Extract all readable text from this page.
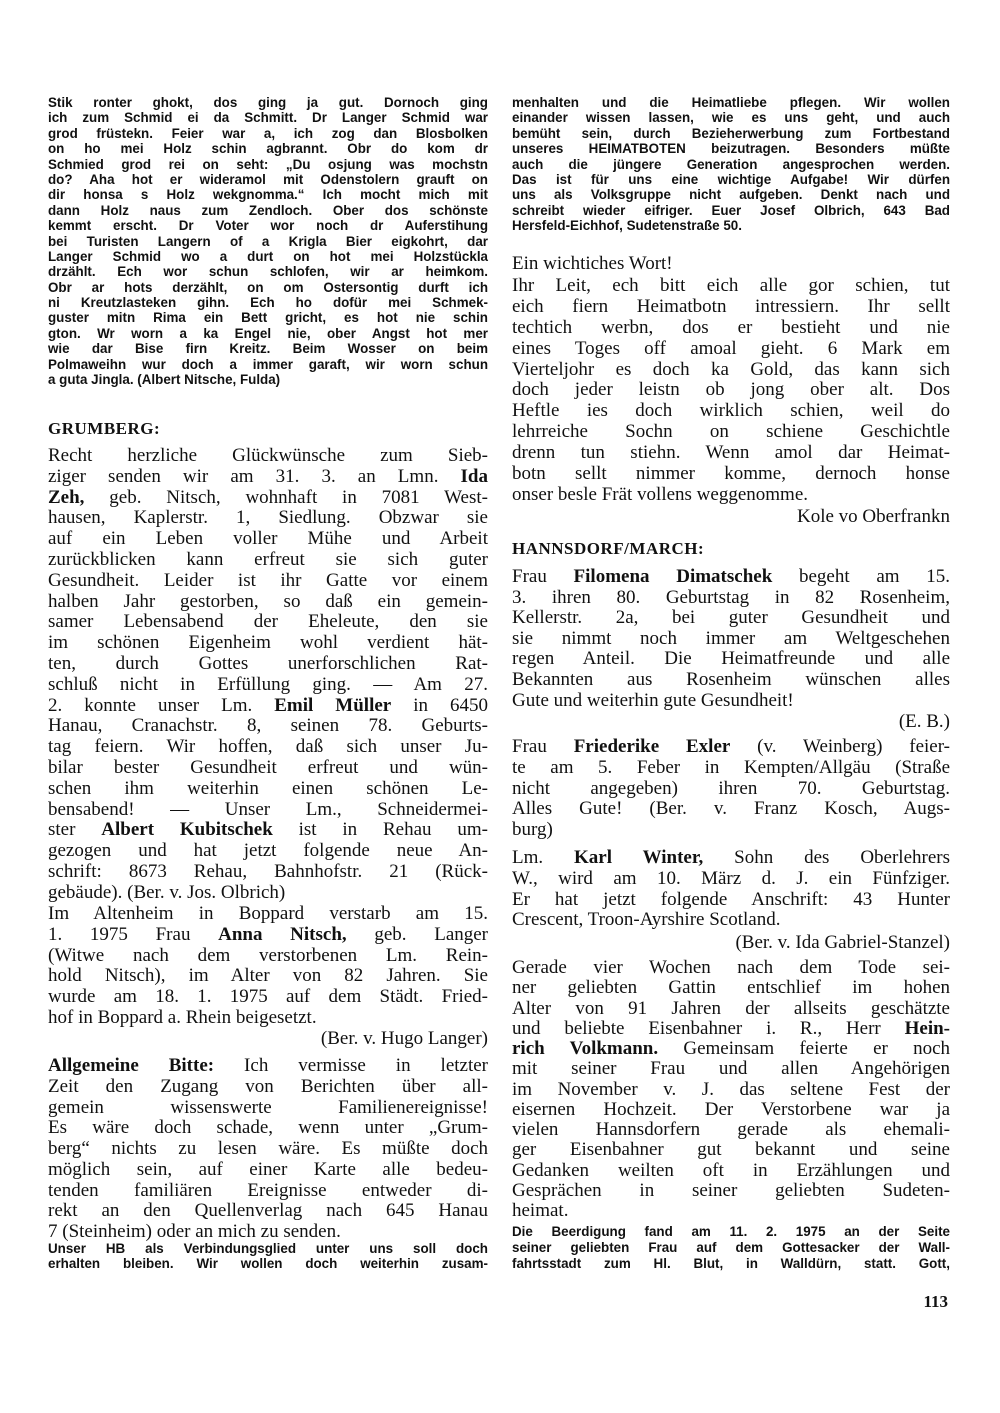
Stik ronter ghokt, dos ging ja gut. Dornoch ging
ich zum Schmid ei da Schmitt. Dr Langer Schmid war
grod früstekn. Feier war a, ich zog dan Blosbolken
on ho mei Holz schin agbrannt. Obr do kom dr
Schmied grod rei on seht: „Du osjung was mochstn
do? Aha hot er wideramol mit Odenstolern grauft on
dir honsa s Holz wekgnomma.“ Ich mocht mich mit
dann Holz naus zum Zendloch. Ober dos schönste
kemmt erscht. Dr Voter wor noch dr Auferstihung
bei Turisten Langern of a Krigla Bier eigkohrt, dar
Langer Schmid wo a durt on hot mei Holzstückla
drzählt. Ech wor schun schlofen, wir ar heimkom.
Obr ar hots derzählt, on om Ostersontig durft ich
ni Kreutzlasteken gihn. Ech ho dofür mei Schmek-
guster mitn Rima ein Bett gricht, es hot nie schin
gton. Wr worn a ka Engel nie, ober Angst hot mer
wie dar Bise firn Kreitz. Beim Wosser on beim
Polmaweihn wur doch a immer garaft, wir worn schun
a guta Jingla. (Albert Nitsche, Fulda)
GRUMBERG:
Recht herzliche Glückwünsche zum Sieb-
ziger senden wir am 31. 3. an Lmn. Ida
Zeh, geb. Nitsch, wohnhaft in 7081 West-
hausen, Kaplerstr. 1, Siedlung. Obzwar sie
auf ein Leben voller Mühe und Arbeit
zurückblicken kann erfreut sie sich guter
Gesundheit. Leider ist ihr Gatte vor einem
halben Jahr gestorben, so daß ein gemein-
samer Lebensabend der Eheleute, den sie
im schönen Eigenheim wohl verdient hät-
ten, durch Gottes unerforschlichen Rat-
schluß nicht in Erfüllung ging. — Am 27.
2. konnte unser Lm. Emil Müller in 6450
Hanau, Cranachstr. 8, seinen 78. Geburts-
tag feiern. Wir hoffen, daß sich unser Ju-
bilar bester Gesundheit erfreut und wün-
schen ihm weiterhin einen schönen Le-
bensabend! — Unser Lm., Schneidermei-
ster Albert Kubitschek ist in Rehau um-
gezogen und hat jetzt folgende neue An-
schrift: 8673 Rehau, Bahnhofstr. 21 (Rück-
gebäude). (Ber. v. Jos. Olbrich)
Im Altenheim in Boppard verstarb am 15.
1. 1975 Frau Anna Nitsch, geb. Langer
(Witwe nach dem verstorbenen Lm. Rein-
hold Nitsch), im Alter von 82 Jahren. Sie
wurde am 18. 1. 1975 auf dem Städt. Fried-
hof in Boppard a. Rhein beigesetzt.
(Ber. v. Hugo Langer)
Allgemeine Bitte: Ich vermisse in letzter
Zeit den Zugang von Berichten über all-
gemein wissenswerte Familienereignisse!
Es wäre doch schade, wenn unter „Grum-
berg“ nichts zu lesen wäre. Es müßte doch
möglich sein, auf einer Karte alle bedeu-
tenden familiären Ereignisse entweder di-
rekt an den Quellenverlag nach 645 Hanau
7 (Steinheim) oder an mich zu senden.
Unser HB als Verbindungsglied unter uns soll doch
erhalten bleiben. Wir wollen doch weiterhin zusam-
menhalten und die Heimatliebe pflegen. Wir wollen
einander wissen lassen, wie es uns geht, und auch
bemüht sein, durch Bezieherwerbung zum Fortbestand
unseres HEIMATBOTEN beizutragen. Besonders müßte
auch die jüngere Generation angesprochen werden.
Das ist für uns eine wichtige Aufgabe! Wir dürfen
uns als Volksgruppe nicht aufgeben. Denkt nach und
schreibt wieder eifriger. Euer Josef Olbrich, 643 Bad
Hersfeld-Eichhof, Sudetenstraße 50.
Ein wichtiches Wort!
Ihr Leit, ech bitt eich alle gor schien, tut
eich fiern Heimatbotn intressiern. Ihr sellt
techtich werbn, dos er bestieht und nie
eines Toges off amoal gieht. 6 Mark em
Vierteljohr es doch ka Gold, das kann sich
doch jeder leistn ob jong ober alt. Dos
Heftle ies doch wirklich schien, weil do
lehrreiche Sochn on schiene Geschichtle
drenn tun stiehn. Wenn amol dar Heimat-
botn sellt nimmer komme, dernoch honse
onser besle Frät vollens weggenomme.
Kole vo Oberfrankn
HANNSDORF/MARCH:
Frau Filomena Dimatschek begeht am 15.
3. ihren 80. Geburtstag in 82 Rosenheim,
Kellerstr. 2a, bei guter Gesundheit und
sie nimmt noch immer am Weltgeschehen
regen Anteil. Die Heimatfreunde und alle
Bekannten aus Rosenheim wünschen alles
Gute und weiterhin gute Gesundheit!
(E. B.)
Frau Friederike Exler (v. Weinberg) feier-
te am 5. Feber in Kempten/Allgäu (Straße
nicht angegeben) ihren 70. Geburtstag.
Alles Gute! (Ber. v. Franz Kosch, Augs-
burg)
Lm. Karl Winter, Sohn des Oberlehrers
W., wird am 10. März d. J. ein Fünfziger.
Er hat jetzt folgende Anschrift: 43 Hunter
Crescent, Troon-Ayrshire Scotland.
(Ber. v. Ida Gabriel-Stanzel)
Gerade vier Wochen nach dem Tode sei-
ner geliebten Gattin entschlief im hohen
Alter von 91 Jahren der allseits geschätzte
und beliebte Eisenbahner i. R., Herr Hein-
rich Volkmann. Gemeinsam feierte er noch
mit seiner Frau und allen Angehörigen
im November v. J. das seltene Fest der
eisernen Hochzeit. Der Verstorbene war ja
vielen Hannsdorfern gerade als ehemali-
ger Eisenbahner gut bekannt und seine
Gedanken weilten oft in Erzählungen und
Gesprächen in seiner geliebten Sudeten-
heimat.
Die Beerdigung fand am 11. 2. 1975 an der Seite
seiner geliebten Frau auf dem Gottesacker der Wall-
fahrtsstadt zum Hl. Blut, in Walldürn, statt. Gott,
113
